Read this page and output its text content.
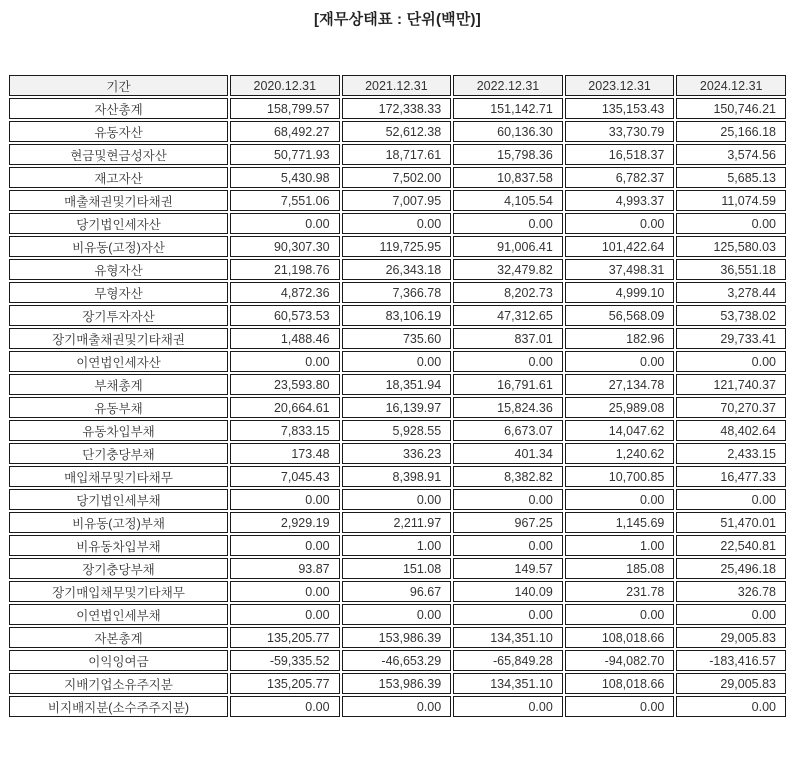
[재무상태표 : 단위(백만)]
기간	2020.12.31	2021.12.31	2022.12.31	2023.12.31	2024.12.31
자산총계	158,799.57	172,338.33	151,142.71	135,153.43	150,746.21
유동자산	68,492.27	52,612.38	60,136.30	33,730.79	25,166.18
현금및현금성자산	50,771.93	18,717.61	15,798.36	16,518.37	3,574.56
재고자산	5,430.98	7,502.00	10,837.58	6,782.37	5,685.13
매출채권및기타채권	7,551.06	7,007.95	4,105.54	4,993.37	11,074.59
당기법인세자산	0.00	0.00	0.00	0.00	0.00
비유동(고정)자산	90,307.30	119,725.95	91,006.41	101,422.64	125,580.03
유형자산	21,198.76	26,343.18	32,479.82	37,498.31	36,551.18
무형자산	4,872.36	7,366.78	8,202.73	4,999.10	3,278.44
장기투자자산	60,573.53	83,106.19	47,312.65	56,568.09	53,738.02
장기매출채권및기타채권	1,488.46	735.60	837.01	182.96	29,733.41
이연법인세자산	0.00	0.00	0.00	0.00	0.00
부채총계	23,593.80	18,351.94	16,791.61	27,134.78	121,740.37
유동부채	20,664.61	16,139.97	15,824.36	25,989.08	70,270.37
유동차입부채	7,833.15	5,928.55	6,673.07	14,047.62	48,402.64
단기충당부채	173.48	336.23	401.34	1,240.62	2,433.15
매입채무및기타채무	7,045.43	8,398.91	8,382.82	10,700.85	16,477.33
당기법인세부채	0.00	0.00	0.00	0.00	0.00
비유동(고정)부채	2,929.19	2,211.97	967.25	1,145.69	51,470.01
비유동차입부채	0.00	1.00	0.00	1.00	22,540.81
장기충당부채	93.87	151.08	149.57	185.08	25,496.18
장기매입채무및기타채무	0.00	96.67	140.09	231.78	326.78
이연법인세부채	0.00	0.00	0.00	0.00	0.00
자본총계	135,205.77	153,986.39	134,351.10	108,018.66	29,005.83
이익잉여금	-59,335.52	-46,653.29	-65,849.28	-94,082.70	-183,416.57
지배기업소유주지분	135,205.77	153,986.39	134,351.10	108,018.66	29,005.83
비지배지분(소수주주지분)	0.00	0.00	0.00	0.00	0.00
